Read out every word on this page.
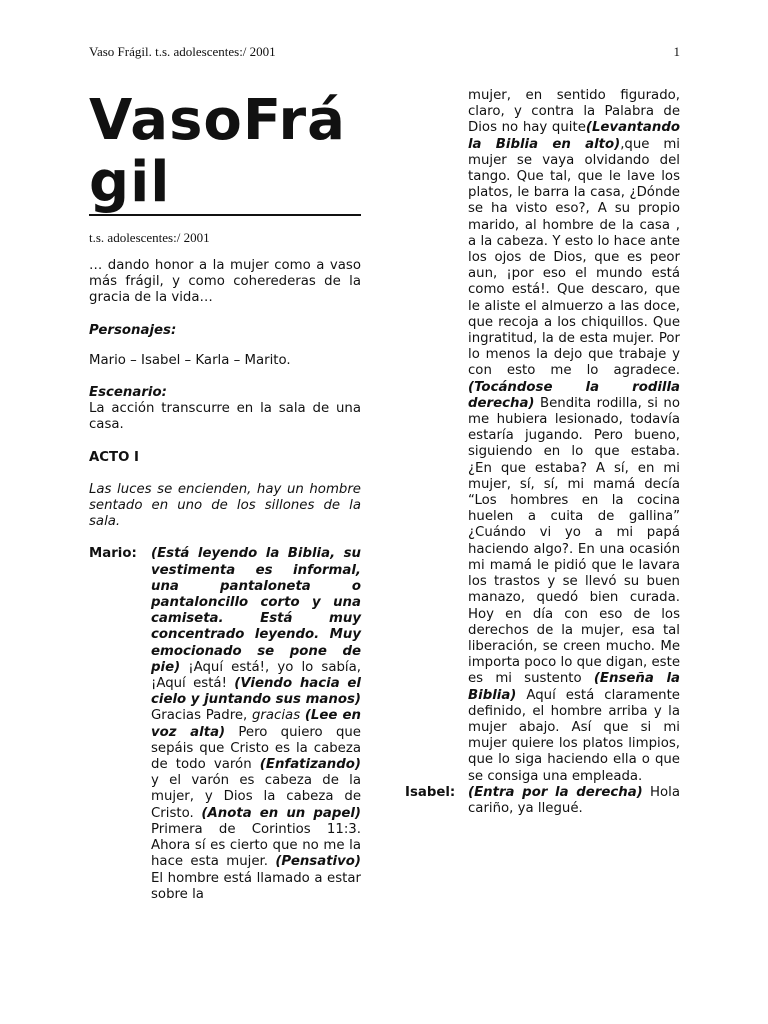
Vaso Frágil. t.s. adolescentes:/ 2001	1
VasoFrágil
t.s. adolescentes:/ 2001

… dando honor a la mujer como a vaso más frágil, y como coherederas de la gracia de la vida…

Personajes:

Mario – Isabel – Karla – Marito.

Escenario:

La acción transcurre en la sala de una casa.

ACTO I

Las luces se encienden, hay un hombre sentado en uno de los sillones de la sala.

Mario: (Está leyendo la Biblia, su vestimenta es informal, una pantaloneta o pantaloncillo corto y una camiseta. Está muy concentrado leyendo. Muy emocionado se pone de pie) ¡Aquí está!, yo lo sabía, ¡Aquí está! (Viendo hacia el cielo y juntando sus manos) Gracias Padre, gracias (Lee en voz alta) Pero quiero que sepáis que Cristo es la cabeza de todo varón (Enfatizando) y el varón es cabeza de la mujer, y Dios la cabeza de Cristo. (Anota en un papel) Primera de Corintios 11:3. Ahora sí es cierto que no me la hace esta mujer. (Pensativo) El hombre está llamado a estar sobre la
mujer, en sentido figurado, claro, y contra la Palabra de Dios no hay quite(Levantando la Biblia en alto),que mi mujer se vaya olvidando del tango. Que tal, que le lave los platos, le barra la casa, ¿Dónde se ha visto eso?, A su propio marido, al hombre de la casa , a la cabeza. Y esto lo hace ante los ojos de Dios, que es peor aun, ¡por eso el mundo está como está!. Que descaro, que le aliste el almuerzo a las doce, que recoja a los chiquillos. Que ingratitud, la de esta mujer. Por lo menos la dejo que trabaje y con esto me lo agradece. (Tocándose la rodilla derecha) Bendita rodilla, si no me hubiera lesionado, todavía estaría jugando. Pero bueno, siguiendo en lo que estaba. ¿En que estaba? A sí, en mi mujer, sí, sí, mi mamá decía “Los hombres en la cocina huelen a cuita de gallina” ¿Cuándo vi yo a mi papá haciendo algo?. En una ocasión mi mamá le pidió que le lavara los trastos y se llevó su buen manazo, quedó bien curada. Hoy en día con eso de los derechos de la mujer, esa tal liberación, se creen mucho. Me importa poco lo que digan, este es mi sustento (Enseña la Biblia) Aquí está claramente definido, el hombre arriba y la mujer abajo. Así que si mi mujer quiere los platos limpios, que lo siga haciendo ella o que se consiga una empleada.
Isabel: (Entra por la derecha) Hola cariño, ya llegué.
